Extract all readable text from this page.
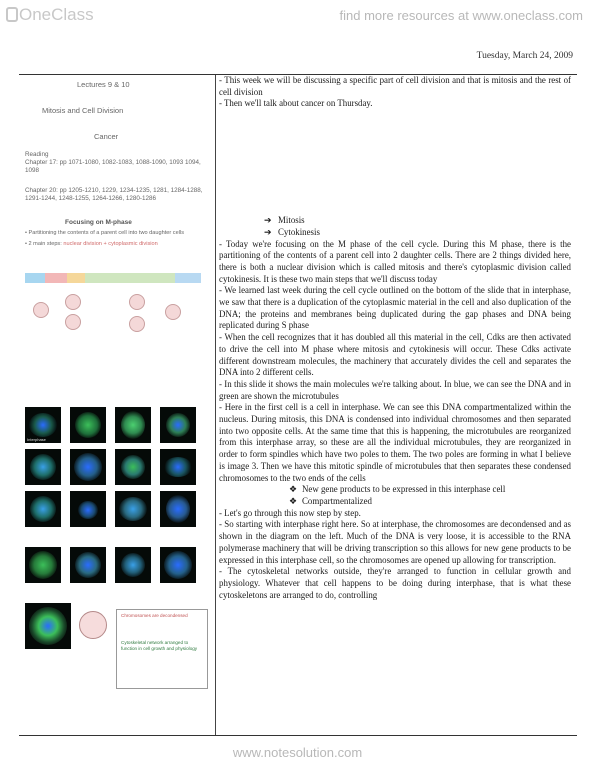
OneClass	find more resources at www.oneclass.com
Tuesday, March 24, 2009
Lectures 9 & 10
Mitosis and Cell Division
Cancer
Reading
Chapter 17: pp 1071-1080, 1082-1083, 1088-1090, 1093 1094, 1098
Chapter 20: pp 1205-1210, 1229, 1234-1235, 1281, 1284-1288, 1291-1244, 1248-1255, 1264-1266, 1280-1286
Focusing on M-phase
• Partitioning the contents of a parent cell into two daughter cells
• 2 main steps: nuclear division + cytoplasmic division
Interphase
Chromosomes are decondensed
Cytoskeletal network arranged to function in cell growth and physiology

- This week we will be discussing a specific part of cell division and that is mitosis and the rest of cell division

- Then we'll talk about cancer on Thursday.

➔ Mitosis

➔ Cytokinesis

- Today we're focusing on the M phase of the cell cycle. During this M phase, there is the partitioning of the contents of a parent cell into 2 daughter cells. There are 2 things divided here, there is both a nuclear division which is called mitosis and there's cytoplasmic division called cytokinesis. It is these two main steps that we'll discuss today

- We learned last week during the cell cycle outlined on the bottom of the slide that in interphase, we saw that there is a duplication of the cytoplasmic material in the cell and also duplication of the DNA; the proteins and membranes being duplicated during the gap phases and DNA being replicated during S phase

- When the cell recognizes that it has doubled all this material in the cell, Cdks are then activated to drive the cell into M phase where mitosis and cytokinesis will occur. These Cdks activate different downstream molecules, the machinery that accurately divides the cell and separates the DNA into 2 different cells.

- In this slide it shows the main molecules we're talking about. In blue, we can see the DNA and in green are shown the microtubules

- Here in the first cell is a cell in interphase. We can see this DNA compartmentalized within the nucleus. During mitosis, this DNA is condensed into individual chromosomes and then separated into two opposite cells. At the same time that this is happening, the microtubules are reorganized from this interphase array, so these are all the individual microtubules, they are reorganized in order to form spindles which have two poles to them. The two poles are forming in what I believe is image 3. Then we have this mitotic spindle of microtubules that then separates these condensed chromosomes to the two ends of the cells

❖ New gene products to be expressed in this interphase cell

❖ Compartmentalized

- Let's go through this now step by step.

- So starting with interphase right here. So at interphase, the chromosomes are decondensed and as shown in the diagram on the left. Much of the DNA is very loose, it is accessible to the RNA polymerase machinery that will be driving transcription so this allows for new gene products to be expressed in this interphase cell, so the chromosomes are opened up allowing for transcription.

- The cytoskeletal networks outside, they're arranged to function in cellular growth and physiology. Whatever that cell happens to be doing during interphase, that is what these cytoskeletons are arranged to do, controlling

www.notesolution.com
